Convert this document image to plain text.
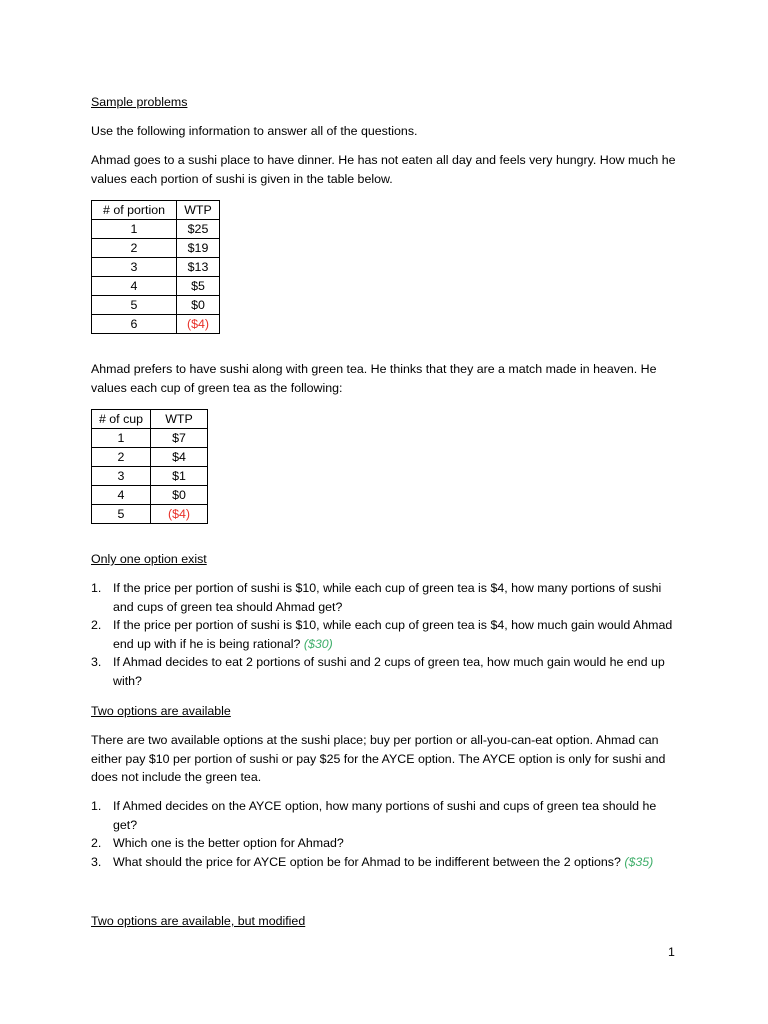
Sample problems

Use the following information to answer all of the questions.

Ahmad goes to a sushi place to have dinner. He has not eaten all day and feels very hungry. How much he values each portion of sushi is given in the table below.

# of portion	WTP
1	$25
2	$19
3	$13
4	$5
5	$0
6	($4)

Ahmad prefers to have sushi along with green tea. He thinks that they are a match made in heaven. He values each cup of green tea as the following:

# of cup	WTP
1	$7
2	$4
3	$1
4	$0
5	($4)

Only one option exist

1. If the price per portion of sushi is $10, while each cup of green tea is $4, how many portions of sushi and cups of green tea should Ahmad get?
2. If the price per portion of sushi is $10, while each cup of green tea is $4, how much gain would Ahmad end up with if he is being rational? ($30)
3. If Ahmad decides to eat 2 portions of sushi and 2 cups of green tea, how much gain would he end up with?

Two options are available

There are two available options at the sushi place; buy per portion or all-you-can-eat option. Ahmad can either pay $10 per portion of sushi or pay $25 for the AYCE option. The AYCE option is only for sushi and does not include the green tea.

1. If Ahmed decides on the AYCE option, how many portions of sushi and cups of green tea should he get?
2. Which one is the better option for Ahmad?
3. What should the price for AYCE option be for Ahmad to be indifferent between the 2 options? ($35)

Two options are available, but modified

1
